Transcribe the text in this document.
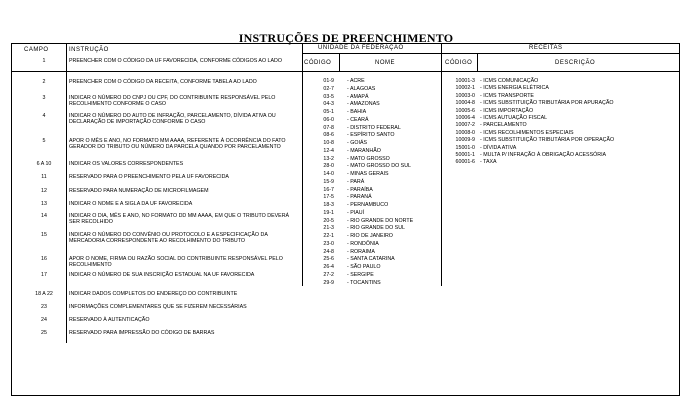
INSTRUÇÕES DE PREENCHIMENTO
CAMPO	INSTRUÇÃO	UNIDADE DA FEDERAÇÃO
CÓDIGO	NOME
RECEITAS
CÓDIGO	DESCRIÇÃO
1	PREENCHER COM O CÓDIGO DA UF FAVORECIDA, CONFORME CÓDIGOS AO LADO
2	PREENCHER COM O CÓDIGO DA RECEITA, CONFORME TABELA AO LADO
3	INDICAR O NÚMERO DO CNPJ OU CPF, DO CONTRIBUINTE RESPONSÁVEL PELO RECOLHIMENTO CONFORME O CASO
4	INDICAR O NÚMERO DO AUTO DE INFRAÇÃO, PARCELAMENTO, DÍVIDA ATIVA OU DECLARAÇÃO DE IMPORTAÇÃO CONFORME O CASO
5	APOR O MÊS E ANO, NO FORMATO MM AAAA, REFERENTE À OCORRÊNCIA DO FATO GERADOR DO TRIBUTO OU NÚMERO DA PARCELA QUANDO POR PARCELAMENTO
6 A 10	INDICAR OS VALORES CORRESPONDENTES
11	RESERVADO PARA O PREENCHIMENTO PELA UF FAVORECIDA
12	RESERVADO PARA NUMERAÇÃO DE MICROFILMAGEM
13	INDICAR O NOME E A SIGLA DA UF FAVORECIDA
14	INDICAR O DIA, MÊS E ANO, NO FORMATO DD MM AAAA, EM QUE O TRIBUTO DEVERÁ SER RECOLHIDO
15	INDICAR O NÚMERO DO CONVÊNIO OU PROTOCOLO E A ESPECIFICAÇÃO DA MERCADORIA CORRESPONDENTE AO RECOLHIMENTO DO TRIBUTO
16	APOR O NOME, FIRMA OU RAZÃO SOCIAL DO CONTRIBUINTE RESPONSÁVEL PELO RECOLHIMENTO
17	INDICAR O NÚMERO DE SUA INSCRIÇÃO ESTADUAL NA UF FAVORECIDA
18 A 22	INDICAR DADOS COMPLETOS DO ENDEREÇO DO CONTRIBUINTE
23	INFORMAÇÕES COMPLEMENTARES QUE SE FIZEREM NECESSÁRIAS
24	RESERVADO À AUTENTICAÇÃO
25	RESERVADO PARA IMPRESSÃO DO CÓDIGO DE BARRAS
01-9 - ACRE
02-7 - ALAGOAS
03-5 - AMAPÁ
04-3 - AMAZONAS
05-1 - BAHIA
06-0 - CEARÁ
07-8 - DISTRITO FEDERAL
08-6 - ESPÍRITO SANTO
10-8 - GOIÁS
12-4 - MARANHÃO
13-2 - MATO GROSSO
28-0 - MATO GROSSO DO SUL
14-0 - MINAS GERAIS
15-9 - PARÁ
16-7 - PARAÍBA
17-5 - PARANÁ
18-3 - PERNAMBUCO
19-1 - PIAUÍ
20-5 - RIO GRANDE DO NORTE
21-3 - RIO GRANDE DO SUL
22-1 - RIO DE JANEIRO
23-0 - RONDÔNIA
24-8 - RORAIMA
25-6 - SANTA CATARINA
26-4 - SÃO PAULO
27-2 - SERGIPE
29-9 - TOCANTINS
10001-3 - ICMS COMUNICAÇÃO
10002-1 - ICMS ENERGIA ELÉTRICA
10003-0 - ICMS TRANSPORTE
10004-8 - ICMS SUBSTITUIÇÃO TRIBUTÁRIA POR APURAÇÃO
10005-6 - ICMS IMPORTAÇÃO
10006-4 - ICMS AUTUAÇÃO FISCAL
10007-2 - PARCELAMENTO
10008-0 - ICMS RECOLHIMENTOS ESPECIAIS
10009-9 - ICMS SUBSTITUIÇÃO TRIBUTÁRIA POR OPERAÇÃO
15001-0 - DÍVIDA ATIVA
50001-1 - MULTA P/ INFRAÇÃO À OBRIGAÇÃO ACESSÓRIA
60001-6 - TAXA
